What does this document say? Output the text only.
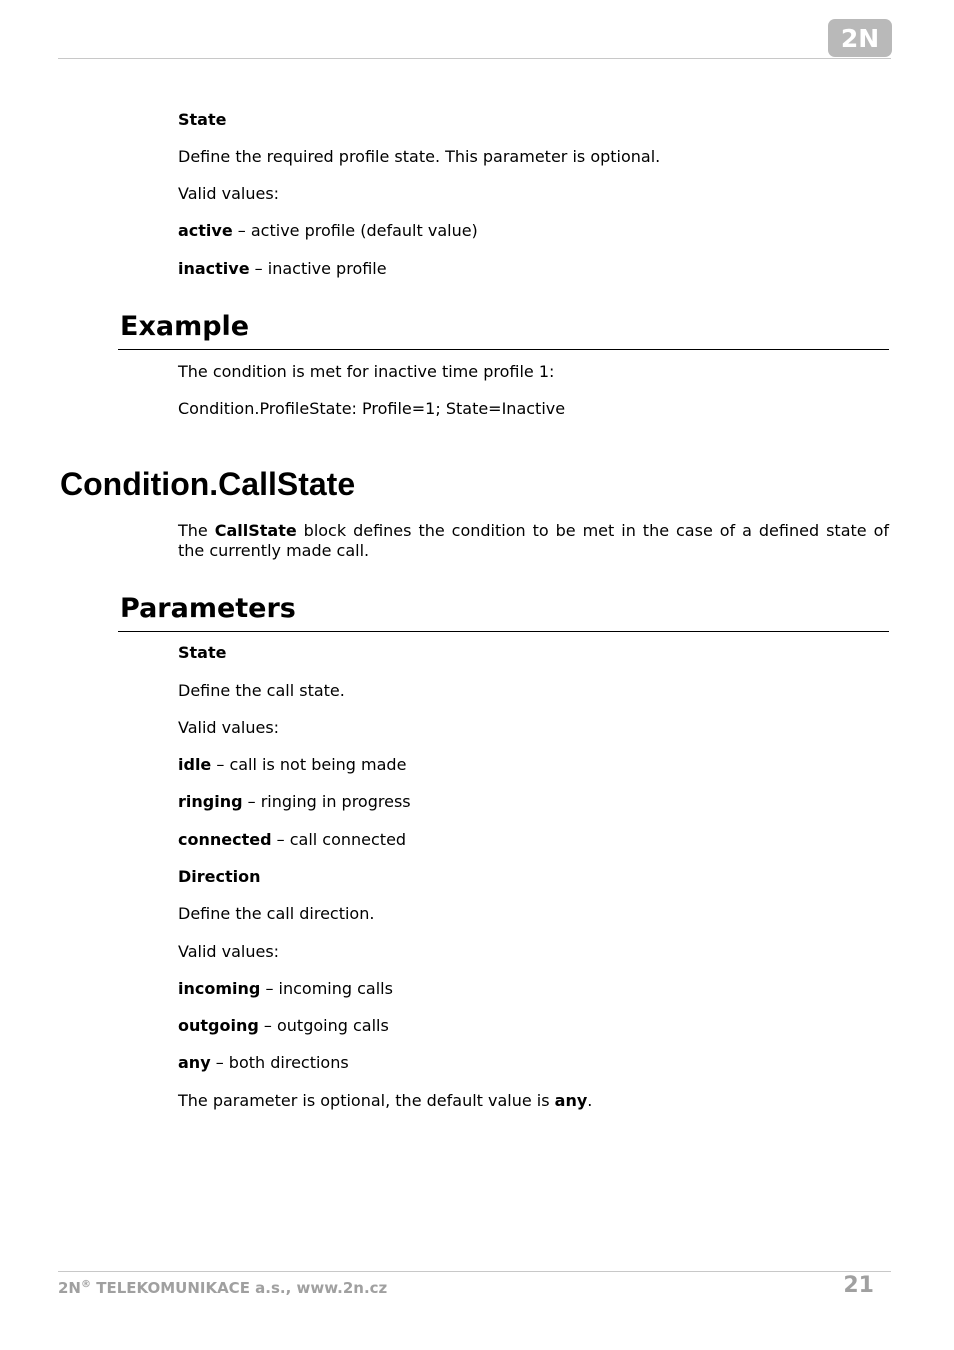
2N

State

Define the required profile state. This parameter is optional.

Valid values:

active – active profile (default value)

inactive – inactive profile

Example

The condition is met for inactive time profile 1:

Condition.ProfileState: Profile=1; State=Inactive

Condition.CallState

The CallState block defines the condition to be met in the case of a defined state of the currently made call.

Parameters

State

Define the call state.

Valid values:

idle – call is not being made

ringing – ringing in progress

connected – call connected

Direction

Define the call direction.

Valid values:

incoming – incoming calls

outgoing – outgoing calls

any – both directions

The parameter is optional, the default value is any.

2N® TELEKOMUNIKACE a.s., www.2n.cz	21
